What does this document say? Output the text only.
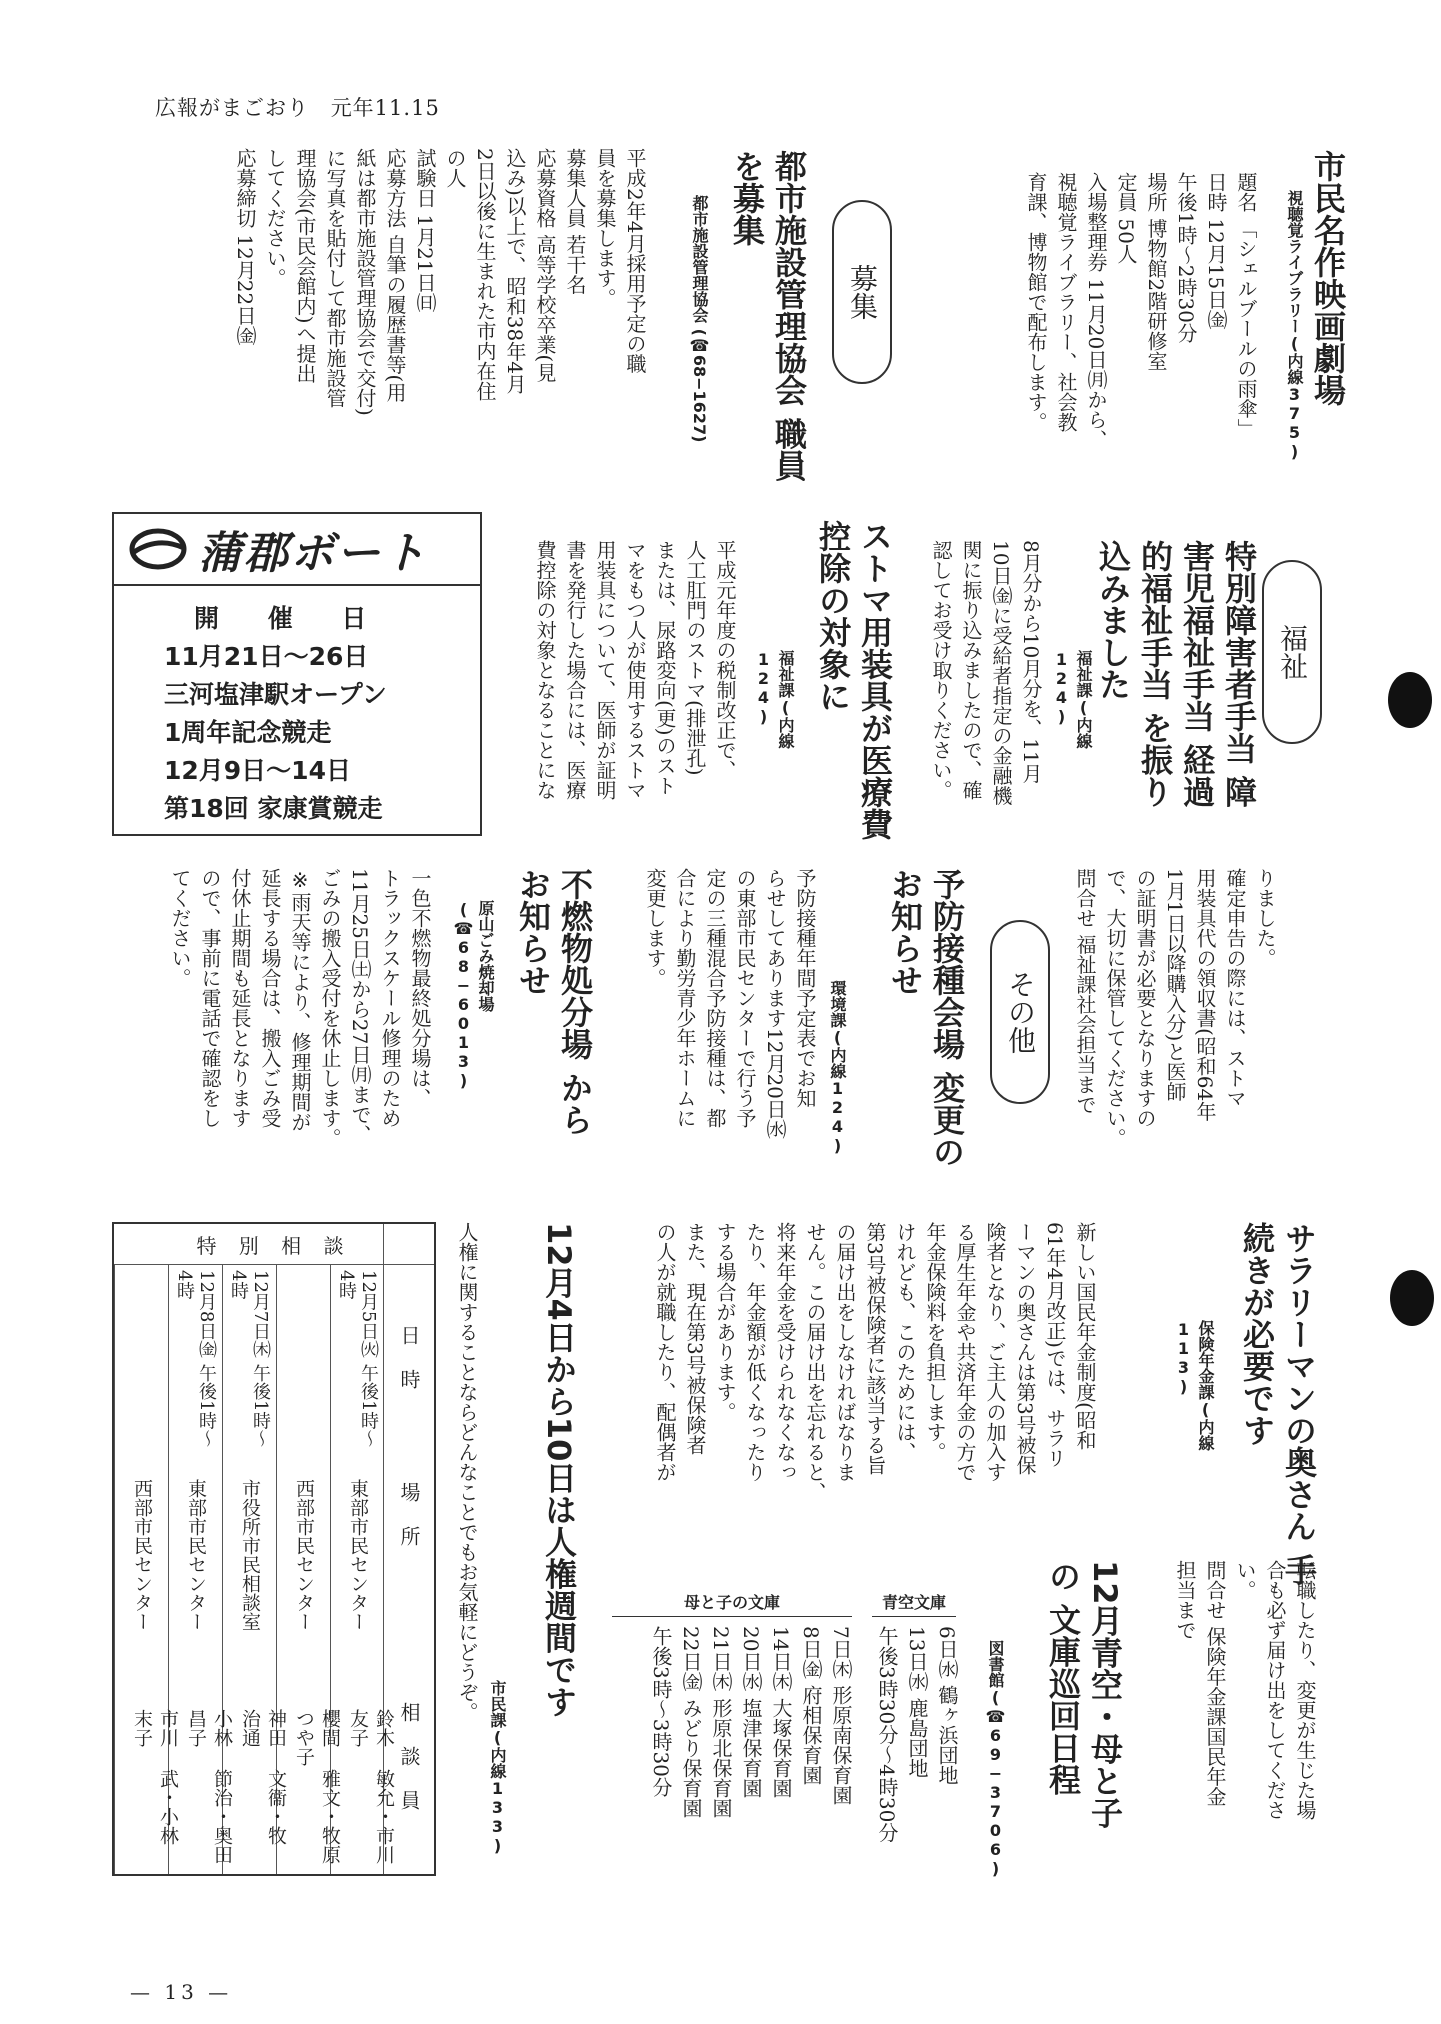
広報がまごおり 元年11.15
市民名作映画劇場
視聴覚ライブラリー(内線375)
題名 「シェルブールの雨傘」
日時 12月15日㈮
午後1時～2時30分
場所 博物館2階研修室
定員 50人
入場整理券 11月20日㈪から、
視聴覚ライブラリー、社会教
育課、博物館で配布します。
募集
都市施設管理協会 職員を募集
都市施設管理協会 (☎68−1627)
平成2年4月採用予定の職
員を募集します。
募集人員 若干名
応募資格 高等学校卒業(見
込み)以上で、昭和38年4月
2日以後に生まれた市内在住
の人
試験日 1月21日㈰
応募方法 自筆の履歴書等(用
紙は都市施設管理協会で交付)
に写真を貼付して都市施設管
理協会(市民会館内)へ提出
してください。
応募締切 12月22日㈮
福祉
特別障害者手当 障害児福祉手当 経過的福祉手当 を振り込みました
福祉課(内線124)
8月分から10月分を、11月
10日㈮に受給者指定の金融機
関に振り込みましたので、確
認してお受け取りください。
ストマ用装具が医療費 控除の対象に
福祉課(内線124)
平成元年度の税制改正で、
人工肛門のストマ(排泄孔)
または、尿路変向(更)のスト
マをもつ人が使用するストマ
用装具について、医師が証明
書を発行した場合には、医療
費控除の対象となることにな
蒲郡ボート
開 催 日
11月21日～26日
三河塩津駅オープン
1周年記念競走
12月9日～14日
第18回 家康賞競走
りました。
確定申告の際には、ストマ
用装具代の領収書(昭和64年
1月1日以降購入分)と医師
の証明書が必要となりますの
で、大切に保管してください。
問合せ 福祉課社会担当まで
その他
予防接種会場 変更のお知らせ
環境課(内線124)
予防接種年間予定表でお知
らせしてあります12月20日㈬
の東部市民センターで行う予
定の三種混合予防接種は、都
合により勤労青少年ホームに
変更します。
不燃物処分場 からお知らせ
原山ごみ焼却場(☎68−6013)
一色不燃物最終処分場は、
トラックスケール修理のため
11月25日㈯から27日㈪まで、
ごみの搬入受付を休止します。
※雨天等により、修理期間が
延長する場合は、搬入ごみ受
付休止期間も延長となります
ので、事前に電話で確認をし
てください。
サラリーマンの奥さん 手続きが必要です
保険年金課(内線113)
新しい国民年金制度(昭和
61年4月改正)では、サラリ
ーマンの奥さんは第3号被保
険者となり、ご主人の加入す
る厚生年金や共済年金の方で
年金保険料を負担します。
けれども、このためには、
第3号被保険者に該当する旨
の届け出をしなければなりま
せん。この届け出を忘れると、
将来年金を受けられなくなっ
たり、年金額が低くなったり
する場合があります。
また、現在第3号被保険者
の人が就職したり、配偶者が
12月青空・母と子の 文庫巡回日程
図書館(☎69−3706)	転職したり、変更が生じた場
合も必ず届け出をしてくださ
い。
問合せ 保険年金課国民年金
担当まで
青空文庫
母と子の文庫
6日㈬ 鶴ヶ浜団地
13日㈬ 鹿島団地
午後3時30分～4時30分
7日㈭ 形原南保育園
8日㈮ 府相保育園
14日㈭ 大塚保育園
20日㈬ 塩津保育園
21日㈭ 形原北保育園
22日㈮ みどり保育園
午後3時～3時30分
12月4日から10日は人権週間です
市民課(内線133)
人権に関することならどんなことでもお気軽にどうぞ。
特 別 相 談
日 時
場 所
相 談 員
12月5日㈫ 午後1時～4時
東部市民センター
鈴木 敏允・市川 友子
西部市民センター
櫻間 雅文・牧原つや子
12月7日㈭ 午後1時～4時
市役所市民相談室
神田 文衞・牧 治通
12月8日㈮ 午後1時～4時
東部市民センター
小林 節治・奥田 昌子
西部市民センター
市川 武・小林 末子
— 13 —
